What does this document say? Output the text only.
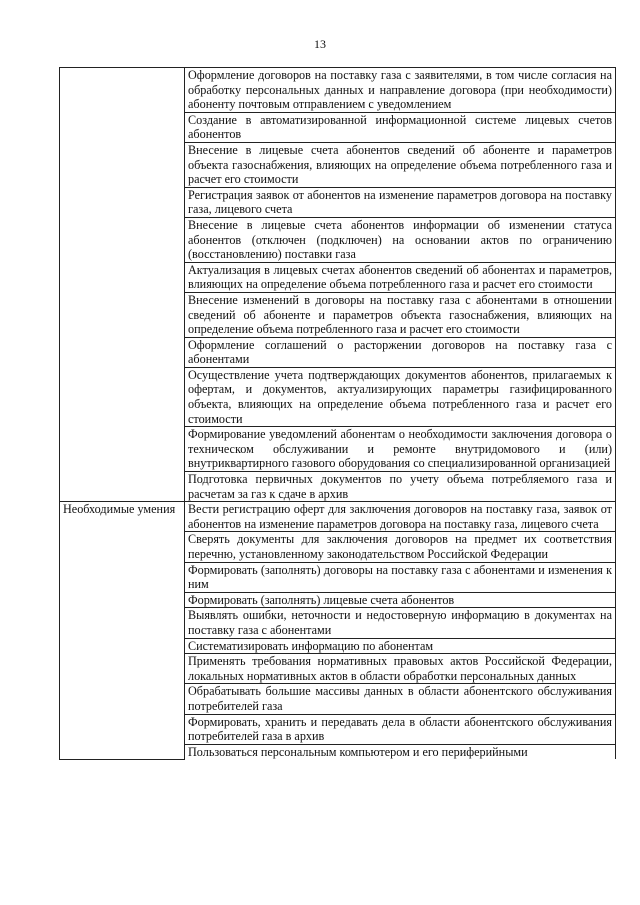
13
	Оформление договоров на поставку газа с заявителями, в том числе согласия на обработку персональных данных и направление договора (при необходимости) абоненту почтовым отправлением с уведомлением
	Создание в автоматизированной информационной системе лицевых счетов абонентов
	Внесение в лицевые счета абонентов сведений об абоненте и параметров объекта газоснабжения, влияющих на определение объема потребленного газа и расчет его стоимости
	Регистрация заявок от абонентов на изменение параметров договора на поставку газа, лицевого счета
	Внесение в лицевые счета абонентов информации об изменении статуса абонентов (отключен (подключен) на основании актов по ограничению (восстановлению) поставки газа
	Актуализация в лицевых счетах абонентов сведений об абонентах и параметров, влияющих на определение объема потребленного газа и расчет его стоимости
	Внесение изменений в договоры на поставку газа с абонентами в отношении сведений об абоненте и параметров объекта газоснабжения, влияющих на определение объема потребленного газа и расчет его стоимости
	Оформление соглашений о расторжении договоров на поставку газа с абонентами
	Осуществление учета подтверждающих документов абонентов, прилагаемых к офертам, и документов, актуализирующих параметры газифицированного объекта, влияющих на определение объема потребленного газа и расчет его стоимости
	Формирование уведомлений абонентам о необходимости заключения договора о техническом обслуживании и ремонте внутридомового и (или) внутриквартирного газового оборудования со специализированной организацией
	Подготовка первичных документов по учету объема потребляемого газа и расчетам за газ к сдаче в архив
Необходимые умения	Вести регистрацию оферт для заключения договоров на поставку газа, заявок от абонентов на изменение параметров договора на поставку газа, лицевого счета
	Сверять документы для заключения договоров на предмет их соответствия перечню, установленному законодательством Российской Федерации
	Формировать (заполнять) договоры на поставку газа с абонентами и изменения к ним
	Формировать (заполнять) лицевые счета абонентов
	Выявлять ошибки, неточности и недостоверную информацию в документах на поставку газа с абонентами
	Систематизировать информацию по абонентам
	Применять требования нормативных правовых актов Российской Федерации, локальных нормативных актов в области обработки персональных данных
	Обрабатывать большие массивы данных в области абонентского обслуживания потребителей газа
	Формировать, хранить и передавать дела в области абонентского обслуживания потребителей газа в архив
	Пользоваться персональным компьютером и его периферийными
